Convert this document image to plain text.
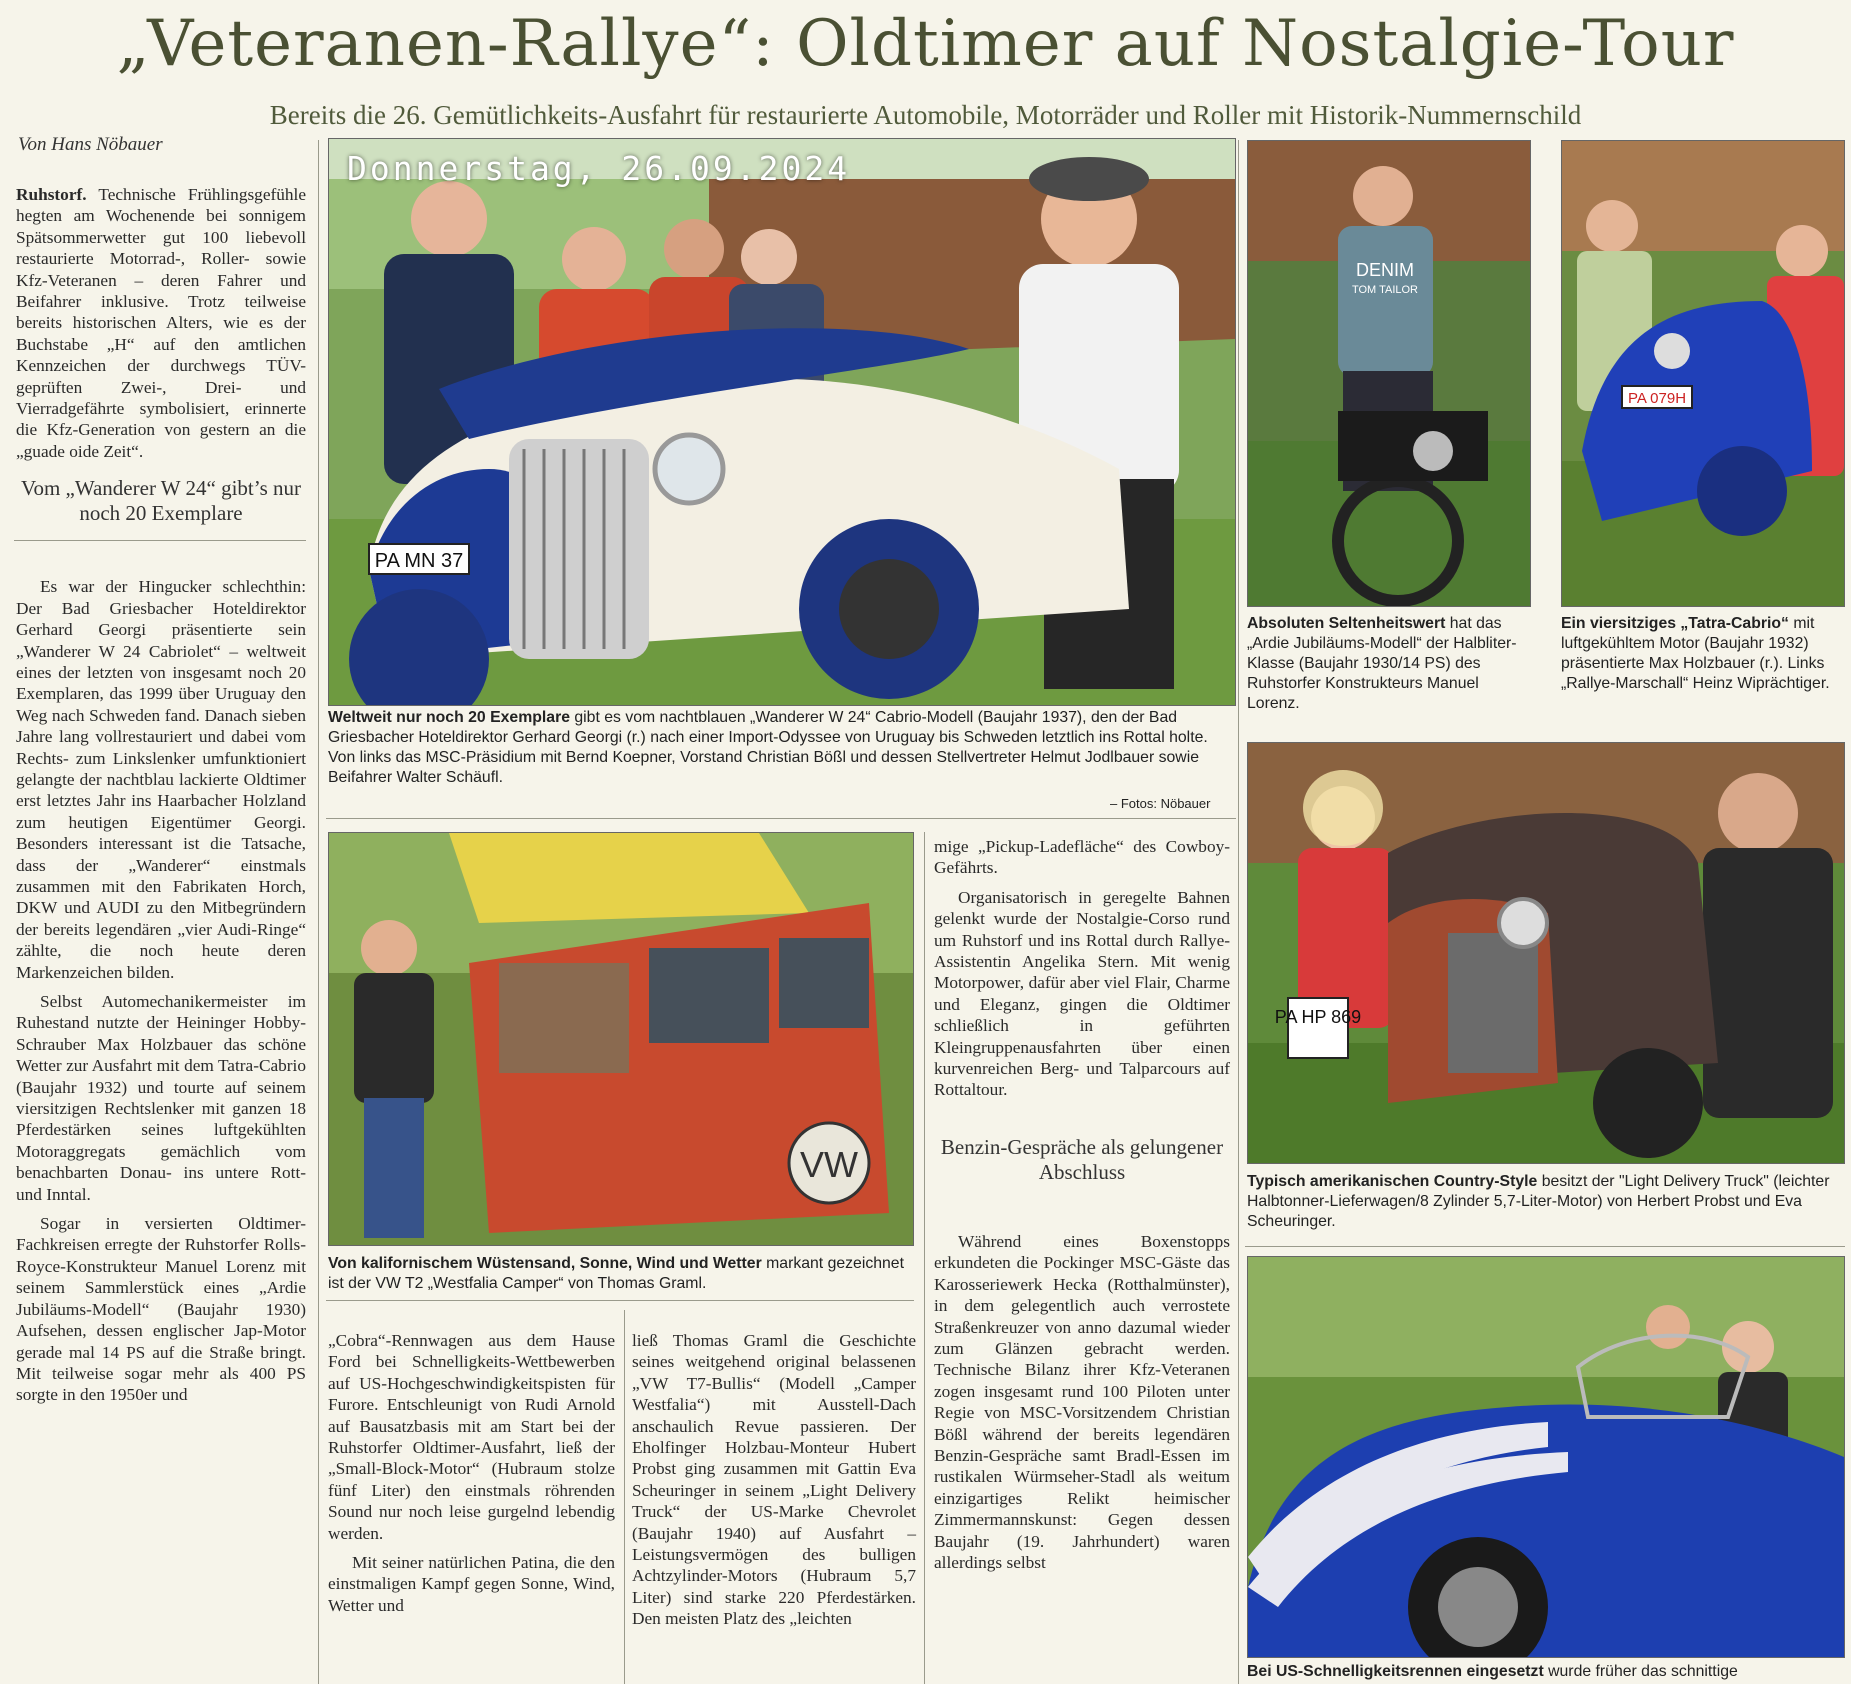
„Veteranen-Rallye“: Oldtimer auf Nostalgie-Tour
Bereits die 26. Gemütlichkeits-Ausfahrt für restaurierte Automobile, Motorräder und Roller mit Historik-Nummernschild
Von Hans Nöbauer

Ruhstorf. Technische Frühlingsgefühle hegten am Wochenende bei sonnigem Spätsommerwetter gut 100 liebevoll restaurierte Motorrad-, Roller- sowie Kfz-Veteranen – deren Fahrer und Beifahrer inklusive. Trotz teilweise bereits historischen Alters, wie es der Buchstabe „H“ auf den amtlichen Kennzeichen der durchwegs TÜV-geprüften Zwei-, Drei- und Vierradgefährte symbolisiert, erinnerte die Kfz-Generation von gestern an die „guade oide Zeit“.

Vom „Wanderer W 24“ gibt’s nur noch 20 Exemplare

Es war der Hingucker schlechthin: Der Bad Griesbacher Hoteldirektor Gerhard Georgi präsentierte sein „Wanderer W 24 Cabriolet“ – weltweit eines der letzten von insgesamt noch 20 Exemplaren, das 1999 über Uruguay den Weg nach Schweden fand. Danach sieben Jahre lang vollrestauriert und dabei vom Rechts- zum Linkslenker umfunktioniert gelangte der nachtblau lackierte Oldtimer erst letztes Jahr ins Haarbacher Holzland zum heutigen Eigentümer Georgi. Besonders interessant ist die Tatsache, dass der „Wanderer“ einstmals zusammen mit den Fabrikaten Horch, DKW und AUDI zu den Mitbegründern der bereits legendären „vier Audi-Ringe“ zählte, die noch heute deren Markenzeichen bilden.

Selbst Automechanikermeister im Ruhestand nutzte der Heininger Hobby-Schrauber Max Holzbauer das schöne Wetter zur Ausfahrt mit dem Tatra-Cabrio (Baujahr 1932) und tourte auf seinem viersitzigen Rechtslenker mit ganzen 18 Pferdestärken seines luftgekühlten Motoraggregats gemächlich vom benachbarten Donau- ins untere Rott- und Inntal.

Sogar in versierten Oldtimer-Fachkreisen erregte der Ruhstorfer Rolls-Royce-Konstrukteur Manuel Lorenz mit seinem Sammlerstück eines „Ardie Jubiläums-Modell“ (Baujahr 1930) Aufsehen, dessen englischer Jap-Motor gerade mal 14 PS auf die Straße bringt. Mit teilweise sogar mehr als 400 PS sorgte in den 1950er und

PA MN 37
Donnerstag, 26.09.2024
Weltweit nur noch 20 Exemplare gibt es vom nachtblauen „Wanderer W 24“ Cabrio-Modell (Baujahr 1937), den der Bad Griesbacher Hoteldirektor Gerhard Georgi (r.) nach einer Import-Odyssee von Uruguay bis Schweden letztlich ins Rottal holte. Von links das MSC-Präsidium mit Bernd Koepner, Vorstand Christian Bößl und dessen Stellvertreter Helmut Jodlbauer sowie Beifahrer Walter Schäufl.
– Fotos: Nöbauer
DENIM
TOM TAILOR
Absoluten Seltenheitswert hat das „Ardie Jubiläums-Modell“ der Halbliter-Klasse (Baujahr 1930/14 PS) des Ruhstorfer Konstrukteurs Manuel Lorenz.
PA 079H
Ein viersitziges „Tatra-Cabrio“ mit luftgekühltem Motor (Baujahr 1932) präsentierte Max Holzbauer (r.). Links „Rallye-Marschall“ Heinz Wiprächtiger.
VW
Von kalifornischem Wüstensand, Sonne, Wind und Wetter markant gezeichnet ist der VW T2 „Westfalia Camper“ von Thomas Graml.

„Cobra“-Rennwagen aus dem Hause Ford bei Schnelligkeits-Wettbewerben auf US-Hochgeschwindigkeitspisten für Furore. Entschleunigt von Rudi Arnold auf Bausatzbasis mit am Start bei der Ruhstorfer Oldtimer-Ausfahrt, ließ der „Small-Block-Motor“ (Hubraum stolze fünf Liter) den einstmals röhrenden Sound nur noch leise gurgelnd lebendig werden.

Mit seiner natürlichen Patina, die den einstmaligen Kampf gegen Sonne, Wind, Wetter und

ließ Thomas Graml die Geschichte seines weitgehend original belassenen „VW T7-Bullis“ (Modell „Camper Westfalia“) mit Ausstell-Dach anschaulich Revue passieren. Der Eholfinger Holzbau-Monteur Hubert Probst ging zusammen mit Gattin Eva Scheuringer in seinem „Light Delivery Truck“ der US-Marke Chevrolet (Baujahr 1940) auf Ausfahrt – Leistungsvermögen des bulligen Achtzylinder-Motors (Hubraum 5,7 Liter) sind starke 220 Pferdestärken. Den meisten Platz des „leichten

mige „Pickup-Ladefläche“ des Cowboy-Gefährts.

Organisatorisch in geregelte Bahnen gelenkt wurde der Nostalgie-Corso rund um Ruhstorf und ins Rottal durch Rallye-Assistentin Angelika Stern. Mit wenig Motorpower, dafür aber viel Flair, Charme und Eleganz, gingen die Oldtimer schließlich in geführten Kleingruppenausfahrten über einen kurvenreichen Berg- und Talparcours auf Rottaltour.

Benzin-Gespräche als gelungener Abschluss

Während eines Boxenstopps erkundeten die Pockinger MSC-Gäste das Karosseriewerk Hecka (Rotthalmünster), in dem gelegentlich auch verrostete Straßenkreuzer von anno dazumal wieder zum Glänzen gebracht werden. Technische Bilanz ihrer Kfz-Veteranen zogen insgesamt rund 100 Piloten unter Regie von MSC-Vorsitzendem Christian Bößl während der bereits legendären Benzin-Gespräche samt Bradl-Essen im rustikalen Würmseher-Stadl als weitum einzigartiges Relikt heimischer Zimmermannskunst: Gegen dessen Baujahr (19. Jahrhundert) waren allerdings selbst

PA HP 869
Typisch amerikanischen Country-Style besitzt der "Light Delivery Truck" (leichter Halbtonner-Lieferwagen/8 Zylinder 5,7-Liter-Motor) von Herbert Probst und Eva Scheuringer.
Bei US-Schnelligkeitsrennen eingesetzt wurde früher das schnittige
